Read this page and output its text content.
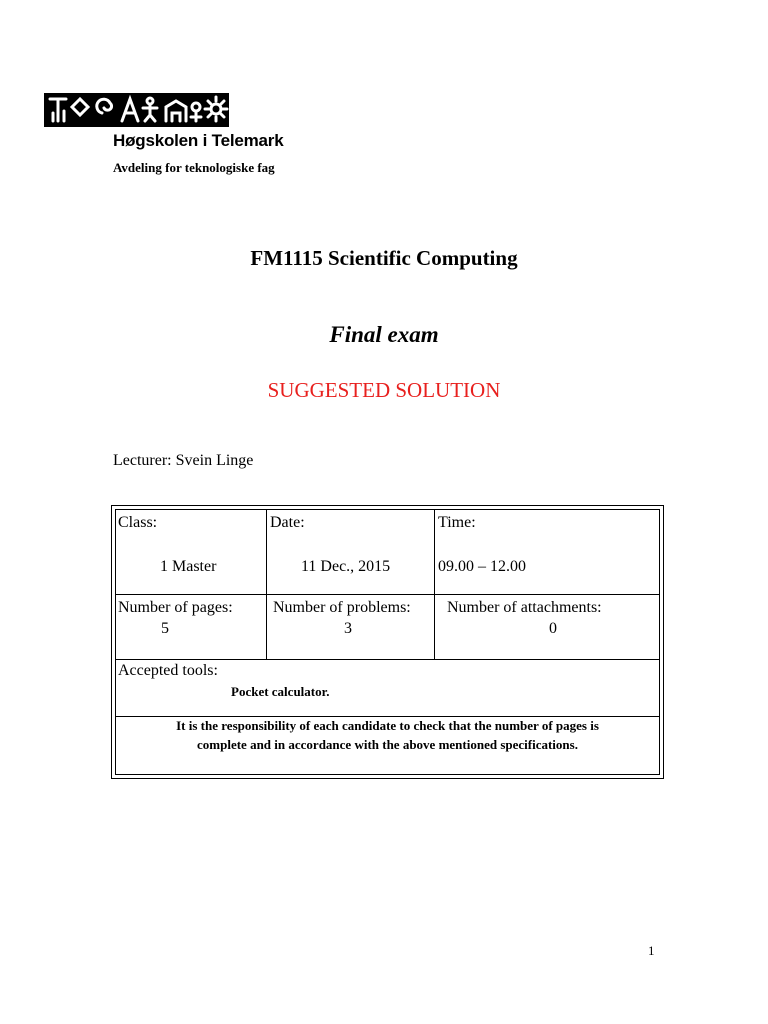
Høgskolen i Telemark
Avdeling for teknologiske fag
FM1115 Scientific Computing
Final exam
SUGGESTED SOLUTION
Lecturer: Svein Linge
Class:
1 Master
Date:
11 Dec., 2015
Time:
09.00 – 12.00
Number of pages:
5
Number of problems:
3
Number of attachments:
0
Accepted tools:
Pocket calculator.
It is the responsibility of each candidate to check that the number of pages is
complete and in accordance with the above mentioned specifications.
1
